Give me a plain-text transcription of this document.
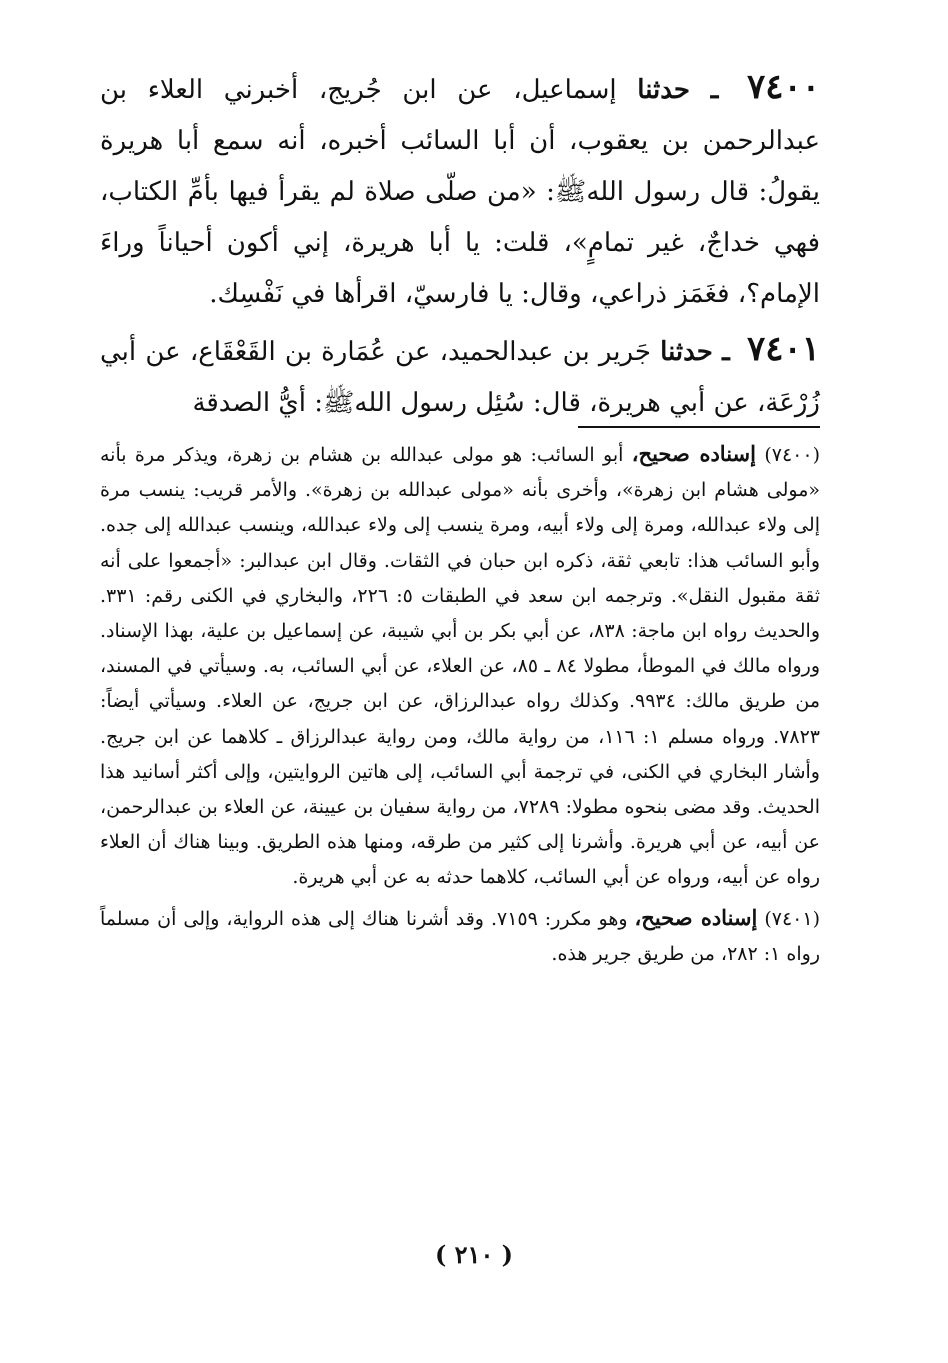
٧٤٠٠ ـ حدثنا إسماعيل، عن ابن جُريج، أخبرني العلاء بن عبدالرحمن بن يعقوب، أن أبا السائب أخبره، أنه سمع أبا هريرة يقولُ: قال رسول اللهﷺ: «من صلّى صلاة لم يقرأ فيها بأمِّ الكتاب، فهي خداجٌ، غير تمامٍ»، قلت: يا أبا هريرة، إني أكون أحياناً وراءَ الإمام؟، فغَمَز ذراعي، وقال: يا فارسيّ، اقرأها في نَفْسِك.

٧٤٠١ ـ حدثنا جَرير بن عبدالحميد، عن عُمَارة بن القَعْقَاع، عن أبي زُرْعَة، عن أبي هريرة، قال: سُئِل رسول اللهﷺ: أيُّ الصدقة

(٧٤٠٠) إسناده صحيح، أبو السائب: هو مولى عبدالله بن هشام بن زهرة، ويذكر مرة بأنه «مولى هشام ابن زهرة»، وأخرى بأنه «مولى عبدالله بن زهرة». والأمر قريب: ينسب مرة إلى ولاء عبدالله، ومرة إلى ولاء أبيه، ومرة ينسب إلى ولاء عبدالله، وينسب عبدالله إلى جده. وأبو السائب هذا: تابعي ثقة، ذكره ابن حبان في الثقات. وقال ابن عبدالبر: «أجمعوا على أنه ثقة مقبول النقل». وترجمه ابن سعد في الطبقات ٥: ٢٢٦، والبخاري في الكنى رقم: ٣٣١. والحديث رواه ابن ماجة: ٨٣٨، عن أبي بكر بن أبي شيبة، عن إسماعيل بن علية، بهذا الإسناد. ورواه مالك في الموطأ، مطولا ٨٤ ـ ٨٥، عن العلاء، عن أبي السائب، به. وسيأتي في المسند، من طريق مالك: ٩٩٣٤. وكذلك رواه عبدالرزاق، عن ابن جريج، عن العلاء. وسيأتي أيضاً: ٧٨٢٣. ورواه مسلم ١: ١١٦، من رواية مالك، ومن رواية عبدالرزاق ـ كلاهما عن ابن جريج. وأشار البخاري في الكنى، في ترجمة أبي السائب، إلى هاتين الروايتين، وإلى أكثر أسانيد هذا الحديث. وقد مضى بنحوه مطولا: ٧٢٨٩، من رواية سفيان بن عيينة، عن العلاء بن عبدالرحمن، عن أبيه، عن أبي هريرة. وأشرنا إلى كثير من طرقه، ومنها هذه الطريق. وبينا هناك أن العلاء رواه عن أبيه، ورواه عن أبي السائب، كلاهما حدثه به عن أبي هريرة.

(٧٤٠١) إسناده صحيح، وهو مكرر: ٧١٥٩. وقد أشرنا هناك إلى هذه الرواية، وإلى أن مسلماً رواه ١: ٢٨٢، من طريق جرير هذه.

( ٢١٠ )
